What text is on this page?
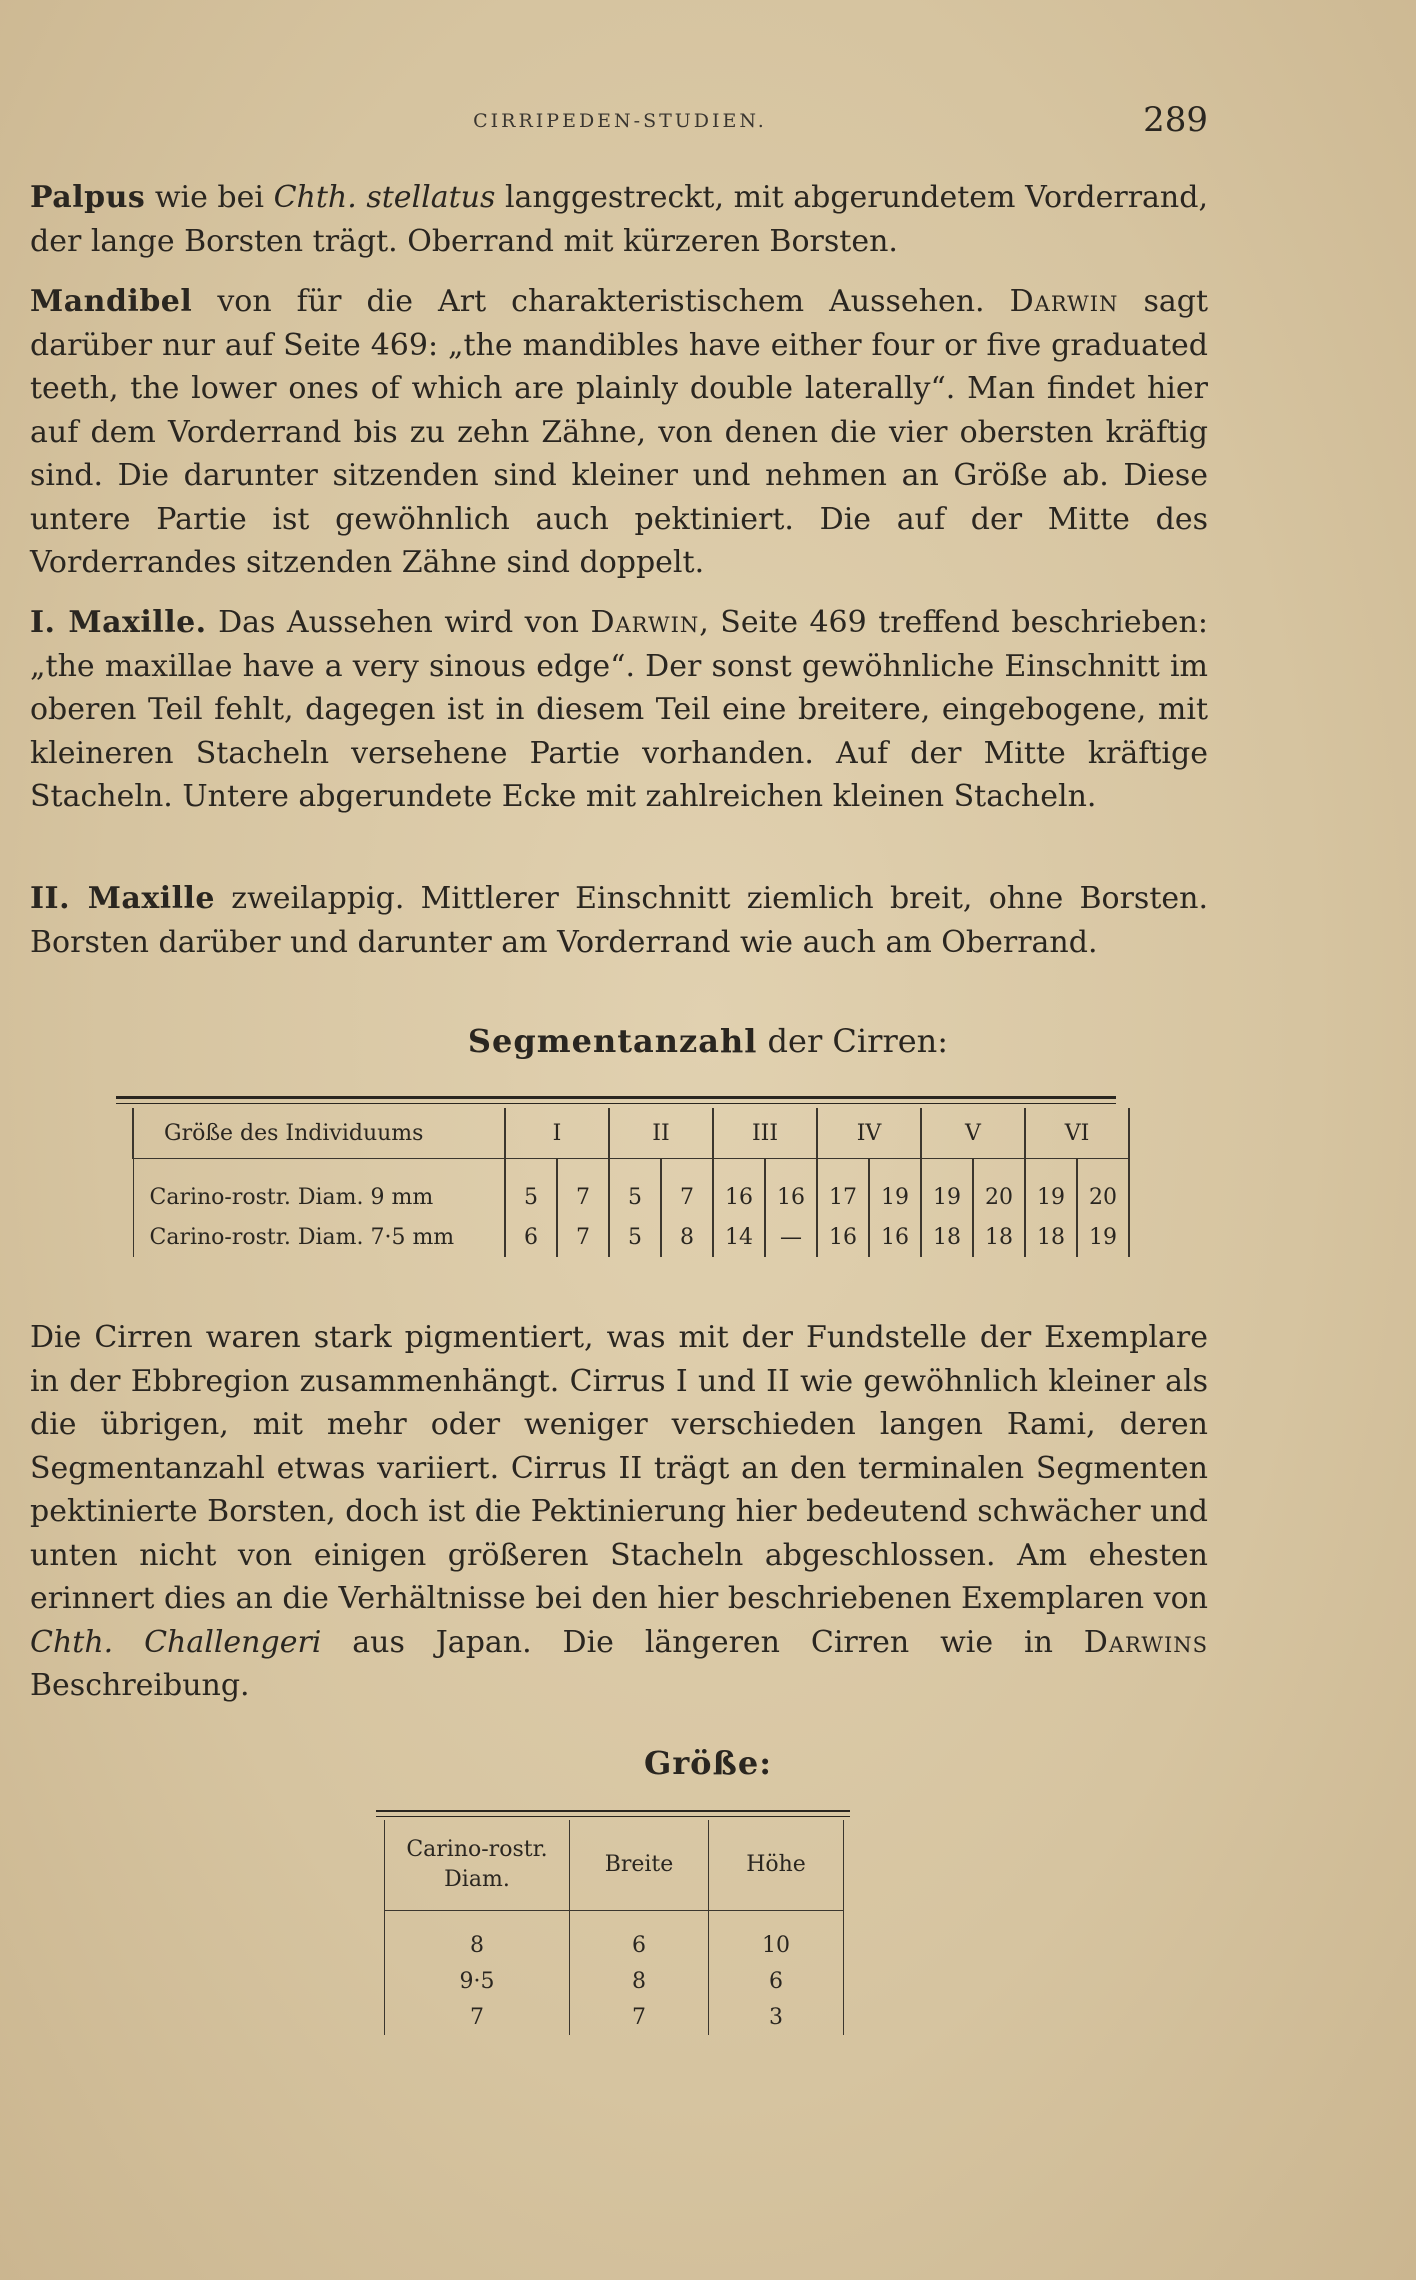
CIRRIPEDEN-STUDIEN.	289
Palpus wie bei Chth. stellatus langgestreckt, mit abgerundetem Vorderrand, der lange Borsten trägt. Oberrand mit kürzeren Borsten.
Mandibel von für die Art charakteristischem Aussehen. Darwin sagt darüber nur auf Seite 469: „the mandibles have either four or five graduated teeth, the lower ones of which are plainly double laterally“. Man findet hier auf dem Vorderrand bis zu zehn Zähne, von denen die vier obersten kräftig sind. Die darunter sitzenden sind kleiner und nehmen an Größe ab. Diese untere Partie ist gewöhnlich auch pektiniert. Die auf der Mitte des Vorderrandes sitzenden Zähne sind doppelt.
I. Maxille. Das Aussehen wird von Darwin, Seite 469 treffend beschrieben: „the maxillae have a very sinous edge“. Der sonst gewöhnliche Einschnitt im oberen Teil fehlt, dagegen ist in diesem Teil eine breitere, eingebogene, mit kleineren Stacheln versehene Partie vorhanden. Auf der Mitte kräftige Stacheln. Untere abgerundete Ecke mit zahlreichen kleinen Stacheln.
II. Maxille zweilappig. Mittlerer Einschnitt ziemlich breit, ohne Borsten. Borsten darüber und darunter am Vorderrand wie auch am Oberrand.
Segmentanzahl der Cirren:
Größe des Individuums	I		II		III		IV		V		VI	

Carino-rostr. Diam. 9 mm	5	7	5	7	16	16	17	19	19	20	19	20
Carino-rostr. Diam. 7·5 mm	6	7	5	8	14	—	16	16	18	18	18	19
Die Cirren waren stark pigmentiert, was mit der Fundstelle der Exemplare in der Ebbregion zusammenhängt. Cirrus I und II wie gewöhnlich kleiner als die übrigen, mit mehr oder weniger verschieden langen Rami, deren Segmentanzahl etwas variiert. Cirrus II trägt an den terminalen Segmenten pektinierte Borsten, doch ist die Pektinierung hier bedeutend schwächer und unten nicht von einigen größeren Stacheln abgeschlossen. Am ehesten erinnert dies an die Verhältnisse bei den hier beschriebenen Exemplaren von Chth. Challengeri aus Japan. Die längeren Cirren wie in Darwins Beschreibung.
Größe:
Carino-rostr. Diam.	Breite	Höhe

8	6	10
9·5	8	6
7	7	3
